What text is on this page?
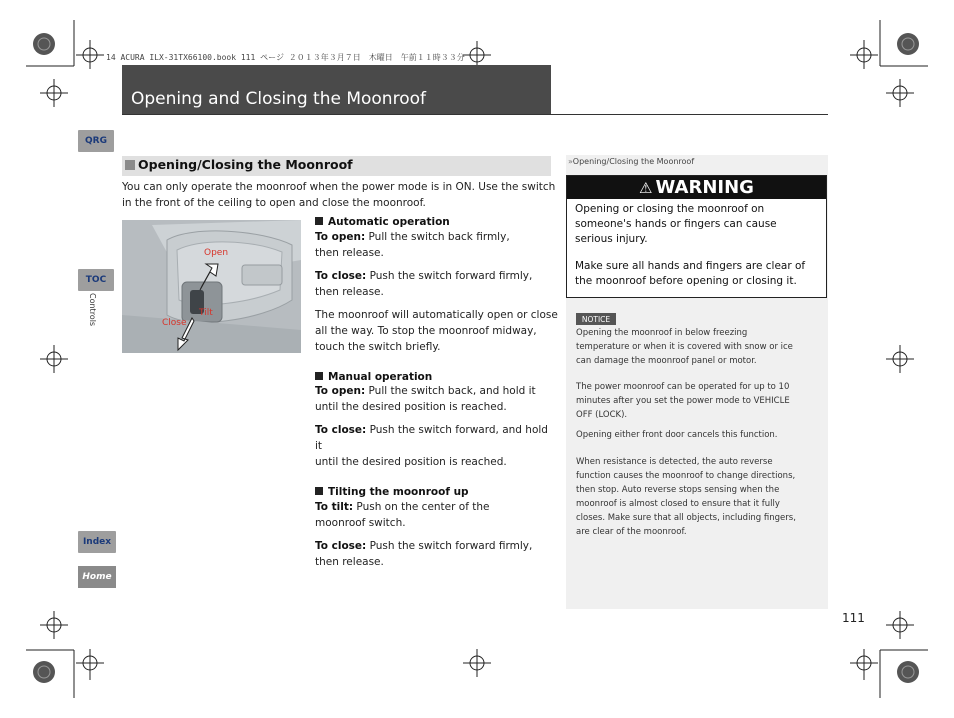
14 ACURA ILX-31TX66100.book 111 ページ ２０１３年３月７日　木曜日　午前１１時３３分
Opening and Closing the Moonroof
QRG
TOC
Controls
Index
Home
Opening/Closing the Moonroof
You can only operate the moonroof when the power mode is in ON. Use the switch
in the front of the ceiling to open and close the moonroof.
Open
Close
Tilt
Automatic operation
To open: Pull the switch back firmly,
then release.
To close: Push the switch forward firmly,
then release.
The moonroof will automatically open or close
all the way. To stop the moonroof midway,
touch the switch briefly.
Manual operation
To open: Pull the switch back, and hold it
until the desired position is reached.
To close: Push the switch forward, and hold it
until the desired position is reached.
Tilting the moonroof up
To tilt: Push on the center of the
moonroof switch.
To close: Push the switch forward firmly,
then release.
»Opening/Closing the Moonroof
⚠ WARNING
Opening or closing the moonroof on
someone's hands or fingers can cause
serious injury.
Make sure all hands and fingers are clear of
the moonroof before opening or closing it.
NOTICE
Opening the moonroof in below freezing
temperature or when it is covered with snow or ice
can damage the moonroof panel or motor.
The power moonroof can be operated for up to 10
minutes after you set the power mode to VEHICLE
OFF (LOCK).
Opening either front door cancels this function.
When resistance is detected, the auto reverse
function causes the moonroof to change directions,
then stop. Auto reverse stops sensing when the
moonroof is almost closed to ensure that it fully
closes. Make sure that all objects, including fingers,
are clear of the moonroof.
111
